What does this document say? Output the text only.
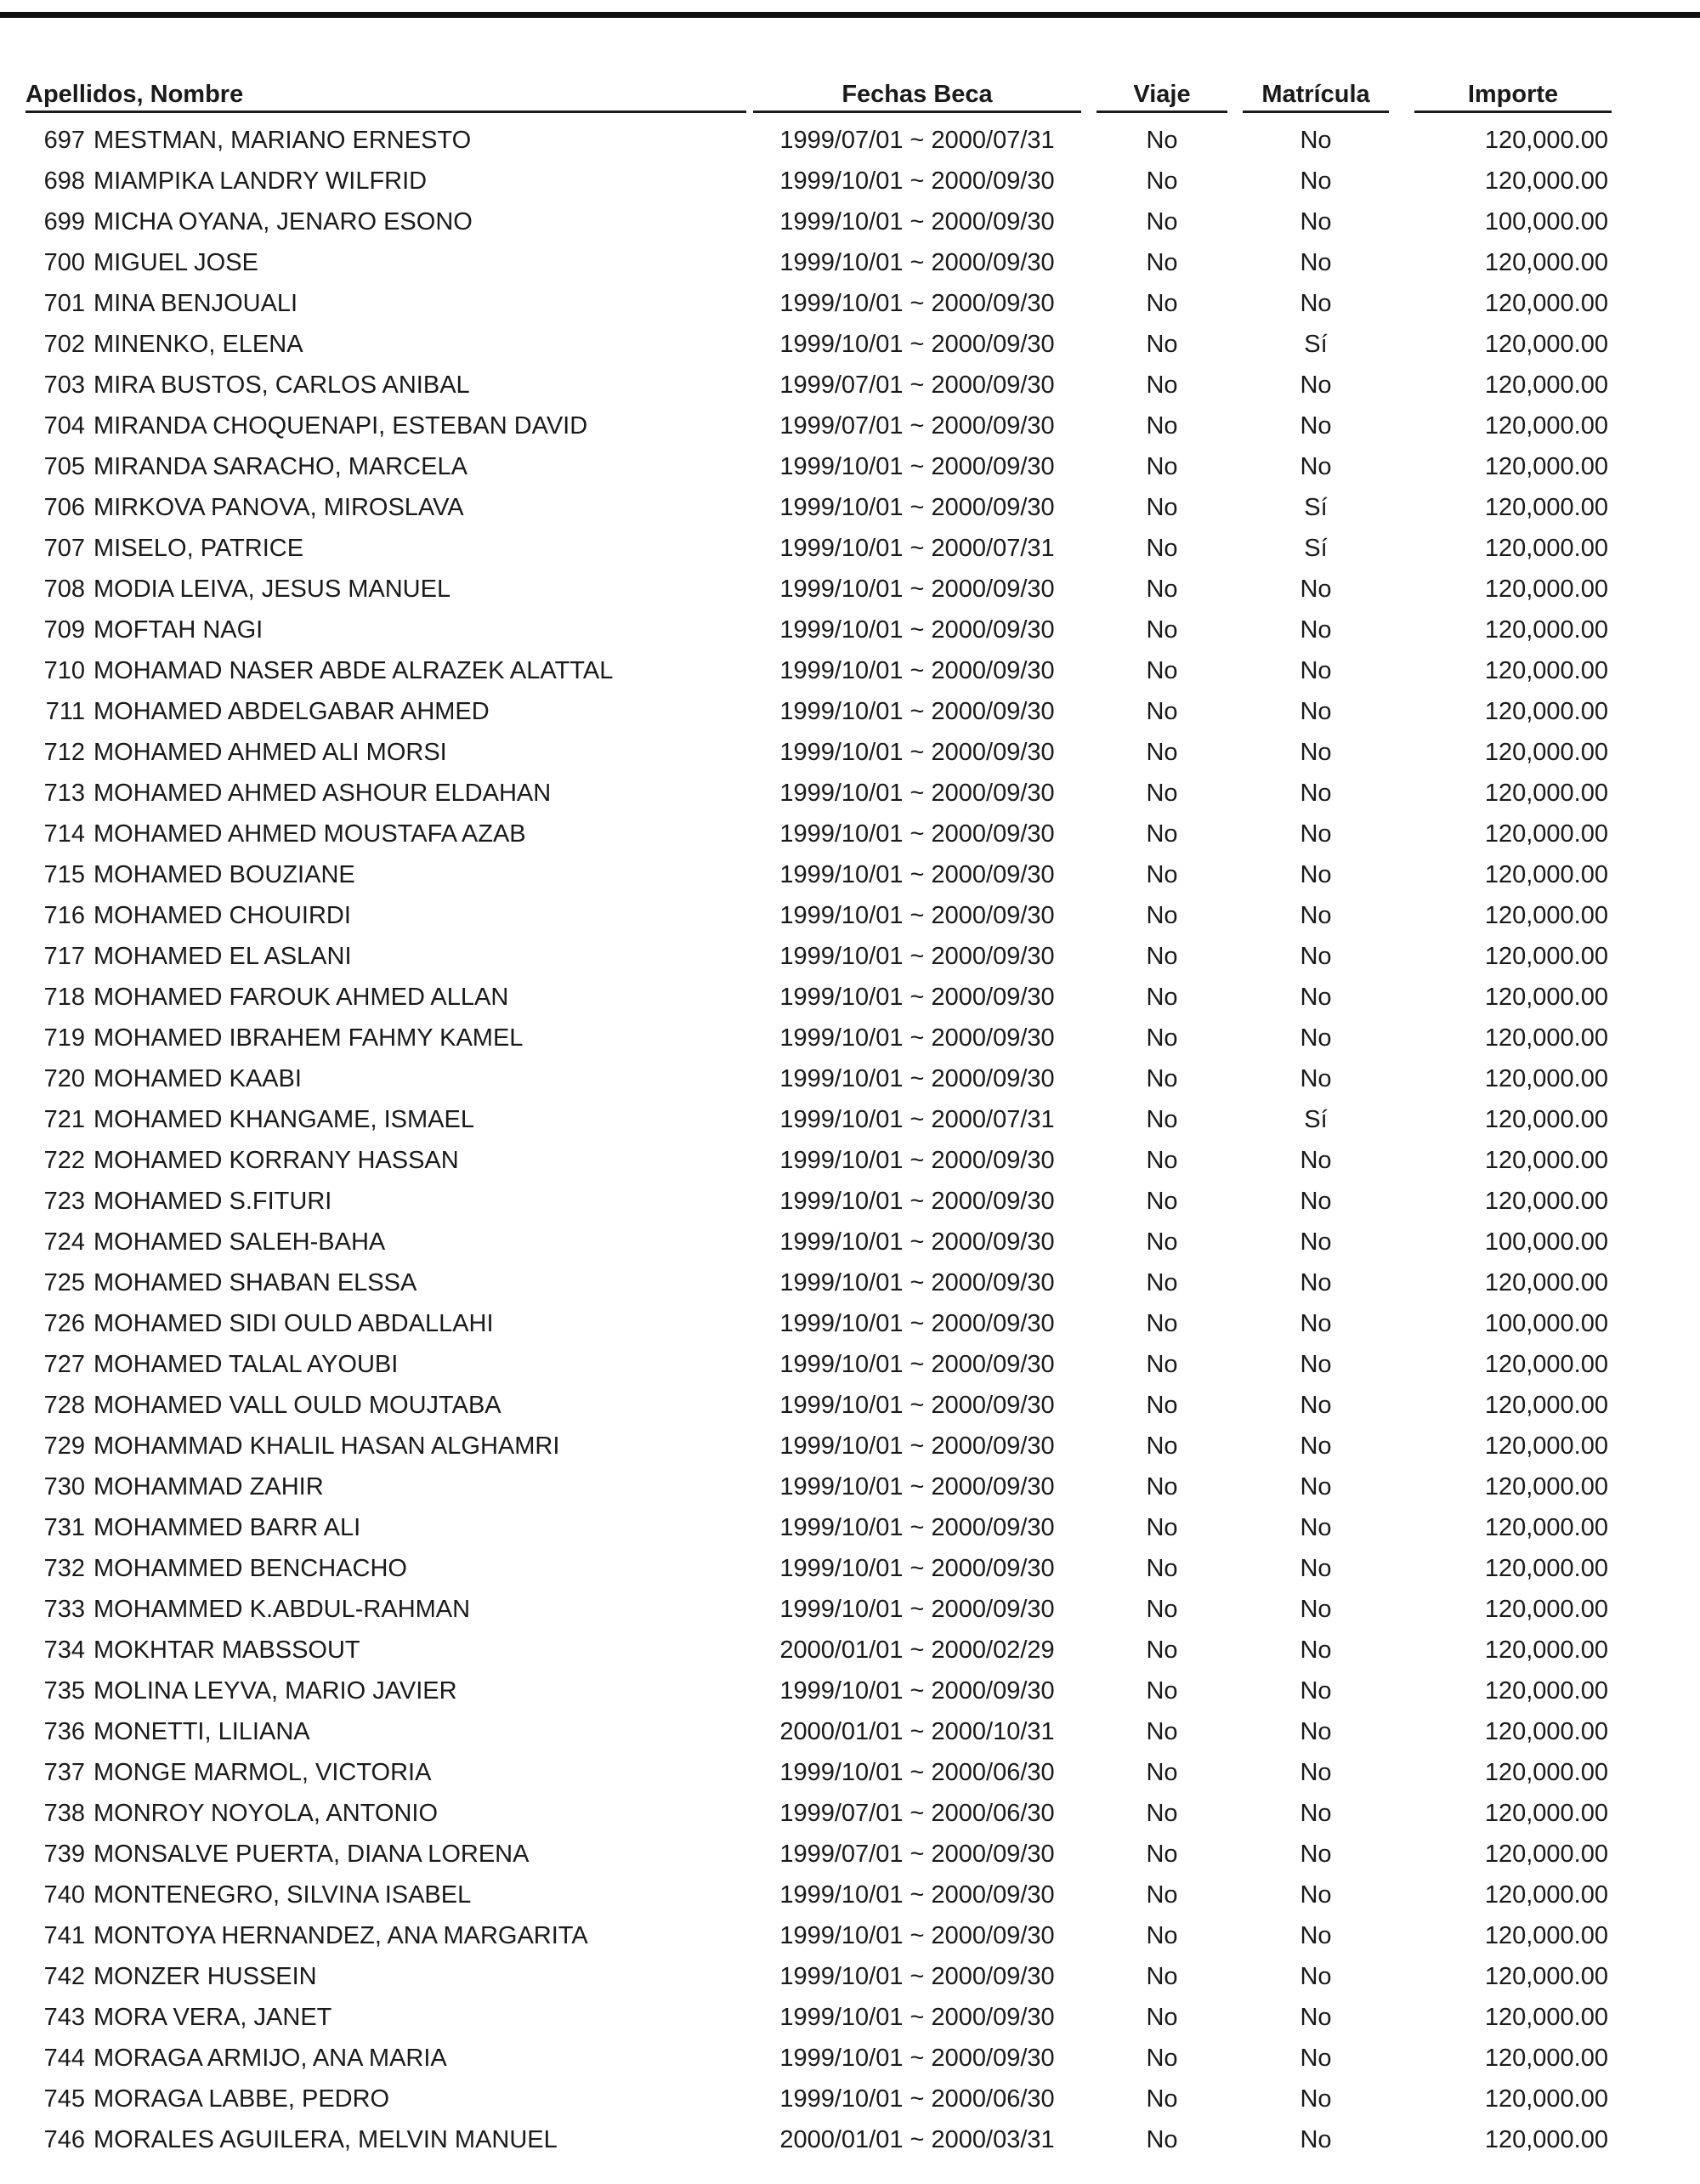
Apellidos, Nombre	Fechas Beca	Viaje	Matrícula	Importe
697 MESTMAN, MARIANO ERNESTO	1999/07/01 ~ 2000/07/31	No	No	120,000.00
698 MIAMPIKA LANDRY WILFRID	1999/10/01 ~ 2000/09/30	No	No	120,000.00
699 MICHA OYANA, JENARO ESONO	1999/10/01 ~ 2000/09/30	No	No	100,000.00
700 MIGUEL JOSE	1999/10/01 ~ 2000/09/30	No	No	120,000.00
701 MINA BENJOUALI	1999/10/01 ~ 2000/09/30	No	No	120,000.00
702 MINENKO, ELENA	1999/10/01 ~ 2000/09/30	No	Sí	120,000.00
703 MIRA BUSTOS, CARLOS ANIBAL	1999/07/01 ~ 2000/09/30	No	No	120,000.00
704 MIRANDA CHOQUENAPI, ESTEBAN DAVID	1999/07/01 ~ 2000/09/30	No	No	120,000.00
705 MIRANDA SARACHO, MARCELA	1999/10/01 ~ 2000/09/30	No	No	120,000.00
706 MIRKOVA PANOVA, MIROSLAVA	1999/10/01 ~ 2000/09/30	No	Sí	120,000.00
707 MISELO, PATRICE	1999/10/01 ~ 2000/07/31	No	Sí	120,000.00
708 MODIA LEIVA, JESUS MANUEL	1999/10/01 ~ 2000/09/30	No	No	120,000.00
709 MOFTAH NAGI	1999/10/01 ~ 2000/09/30	No	No	120,000.00
710 MOHAMAD NASER ABDE ALRAZEK ALATTAL	1999/10/01 ~ 2000/09/30	No	No	120,000.00
711 MOHAMED ABDELGABAR AHMED	1999/10/01 ~ 2000/09/30	No	No	120,000.00
712 MOHAMED AHMED ALI MORSI	1999/10/01 ~ 2000/09/30	No	No	120,000.00
713 MOHAMED AHMED ASHOUR ELDAHAN	1999/10/01 ~ 2000/09/30	No	No	120,000.00
714 MOHAMED AHMED MOUSTAFA AZAB	1999/10/01 ~ 2000/09/30	No	No	120,000.00
715 MOHAMED BOUZIANE	1999/10/01 ~ 2000/09/30	No	No	120,000.00
716 MOHAMED CHOUIRDI	1999/10/01 ~ 2000/09/30	No	No	120,000.00
717 MOHAMED EL ASLANI	1999/10/01 ~ 2000/09/30	No	No	120,000.00
718 MOHAMED FAROUK AHMED ALLAN	1999/10/01 ~ 2000/09/30	No	No	120,000.00
719 MOHAMED IBRAHEM FAHMY KAMEL	1999/10/01 ~ 2000/09/30	No	No	120,000.00
720 MOHAMED KAABI	1999/10/01 ~ 2000/09/30	No	No	120,000.00
721 MOHAMED KHANGAME, ISMAEL	1999/10/01 ~ 2000/07/31	No	Sí	120,000.00
722 MOHAMED KORRANY HASSAN	1999/10/01 ~ 2000/09/30	No	No	120,000.00
723 MOHAMED S.FITURI	1999/10/01 ~ 2000/09/30	No	No	120,000.00
724 MOHAMED SALEH-BAHA	1999/10/01 ~ 2000/09/30	No	No	100,000.00
725 MOHAMED SHABAN ELSSA	1999/10/01 ~ 2000/09/30	No	No	120,000.00
726 MOHAMED SIDI OULD ABDALLAHI	1999/10/01 ~ 2000/09/30	No	No	100,000.00
727 MOHAMED TALAL AYOUBI	1999/10/01 ~ 2000/09/30	No	No	120,000.00
728 MOHAMED VALL OULD MOUJTABA	1999/10/01 ~ 2000/09/30	No	No	120,000.00
729 MOHAMMAD KHALIL HASAN ALGHAMRI	1999/10/01 ~ 2000/09/30	No	No	120,000.00
730 MOHAMMAD ZAHIR	1999/10/01 ~ 2000/09/30	No	No	120,000.00
731 MOHAMMED BARR ALI	1999/10/01 ~ 2000/09/30	No	No	120,000.00
732 MOHAMMED BENCHACHO	1999/10/01 ~ 2000/09/30	No	No	120,000.00
733 MOHAMMED K.ABDUL-RAHMAN	1999/10/01 ~ 2000/09/30	No	No	120,000.00
734 MOKHTAR MABSSOUT	2000/01/01 ~ 2000/02/29	No	No	120,000.00
735 MOLINA LEYVA, MARIO JAVIER	1999/10/01 ~ 2000/09/30	No	No	120,000.00
736 MONETTI, LILIANA	2000/01/01 ~ 2000/10/31	No	No	120,000.00
737 MONGE MARMOL, VICTORIA	1999/10/01 ~ 2000/06/30	No	No	120,000.00
738 MONROY NOYOLA, ANTONIO	1999/07/01 ~ 2000/06/30	No	No	120,000.00
739 MONSALVE PUERTA, DIANA LORENA	1999/07/01 ~ 2000/09/30	No	No	120,000.00
740 MONTENEGRO, SILVINA ISABEL	1999/10/01 ~ 2000/09/30	No	No	120,000.00
741 MONTOYA HERNANDEZ, ANA MARGARITA	1999/10/01 ~ 2000/09/30	No	No	120,000.00
742 MONZER HUSSEIN	1999/10/01 ~ 2000/09/30	No	No	120,000.00
743 MORA VERA, JANET	1999/10/01 ~ 2000/09/30	No	No	120,000.00
744 MORAGA ARMIJO, ANA MARIA	1999/10/01 ~ 2000/09/30	No	No	120,000.00
745 MORAGA LABBE, PEDRO	1999/10/01 ~ 2000/06/30	No	No	120,000.00
746 MORALES AGUILERA, MELVIN MANUEL	2000/01/01 ~ 2000/03/31	No	No	120,000.00
